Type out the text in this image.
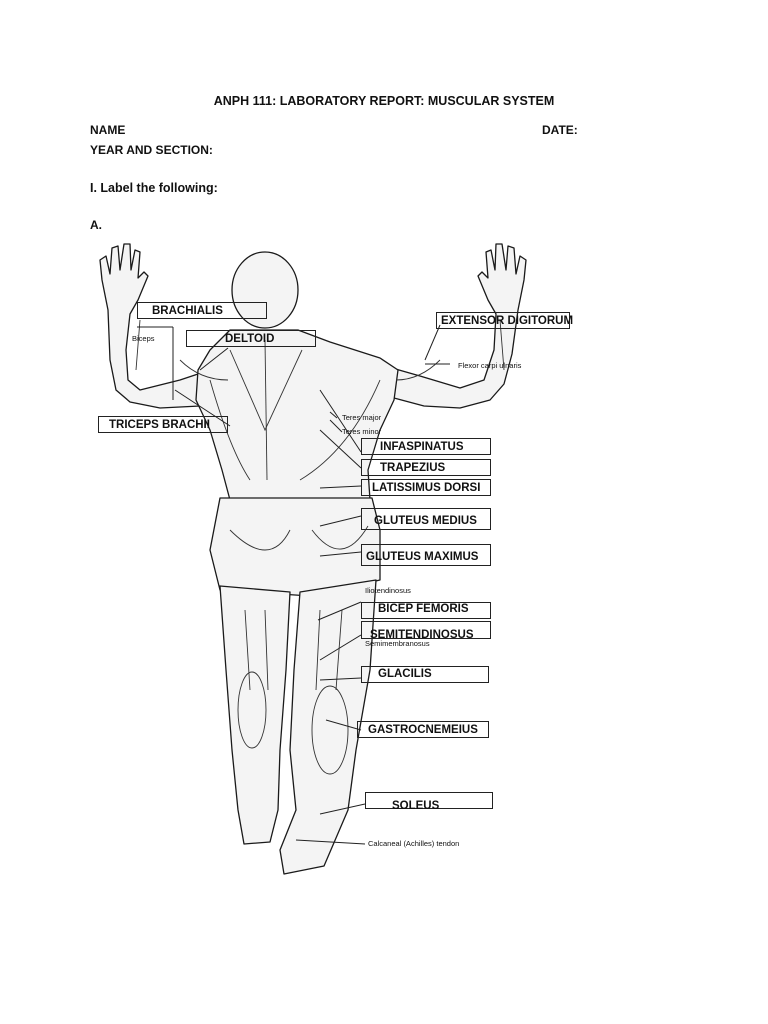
ANPH 111: LABORATORY REPORT: MUSCULAR SYSTEM
NAME	DATE:
YEAR AND SECTION:
I. Label the following:
A.
Biceps
Flexor carpi ulnaris
Teres major
Teres minor
Iliotendinosus
Semimembranosus
Calcaneal (Achilles) tendon
BRACHIALIS
DELTOID
TRICEPS BRACHII
EXTENSOR DIGITORUM
INFASPINATUS
TRAPEZIUS
LATISSIMUS DORSI
GLUTEUS MEDIUS
GLUTEUS MAXIMUS
BICEP FEMORIS
SEMITENDINOSUS
GLACILIS
GASTROCNEMEIUS
SOLEUS
